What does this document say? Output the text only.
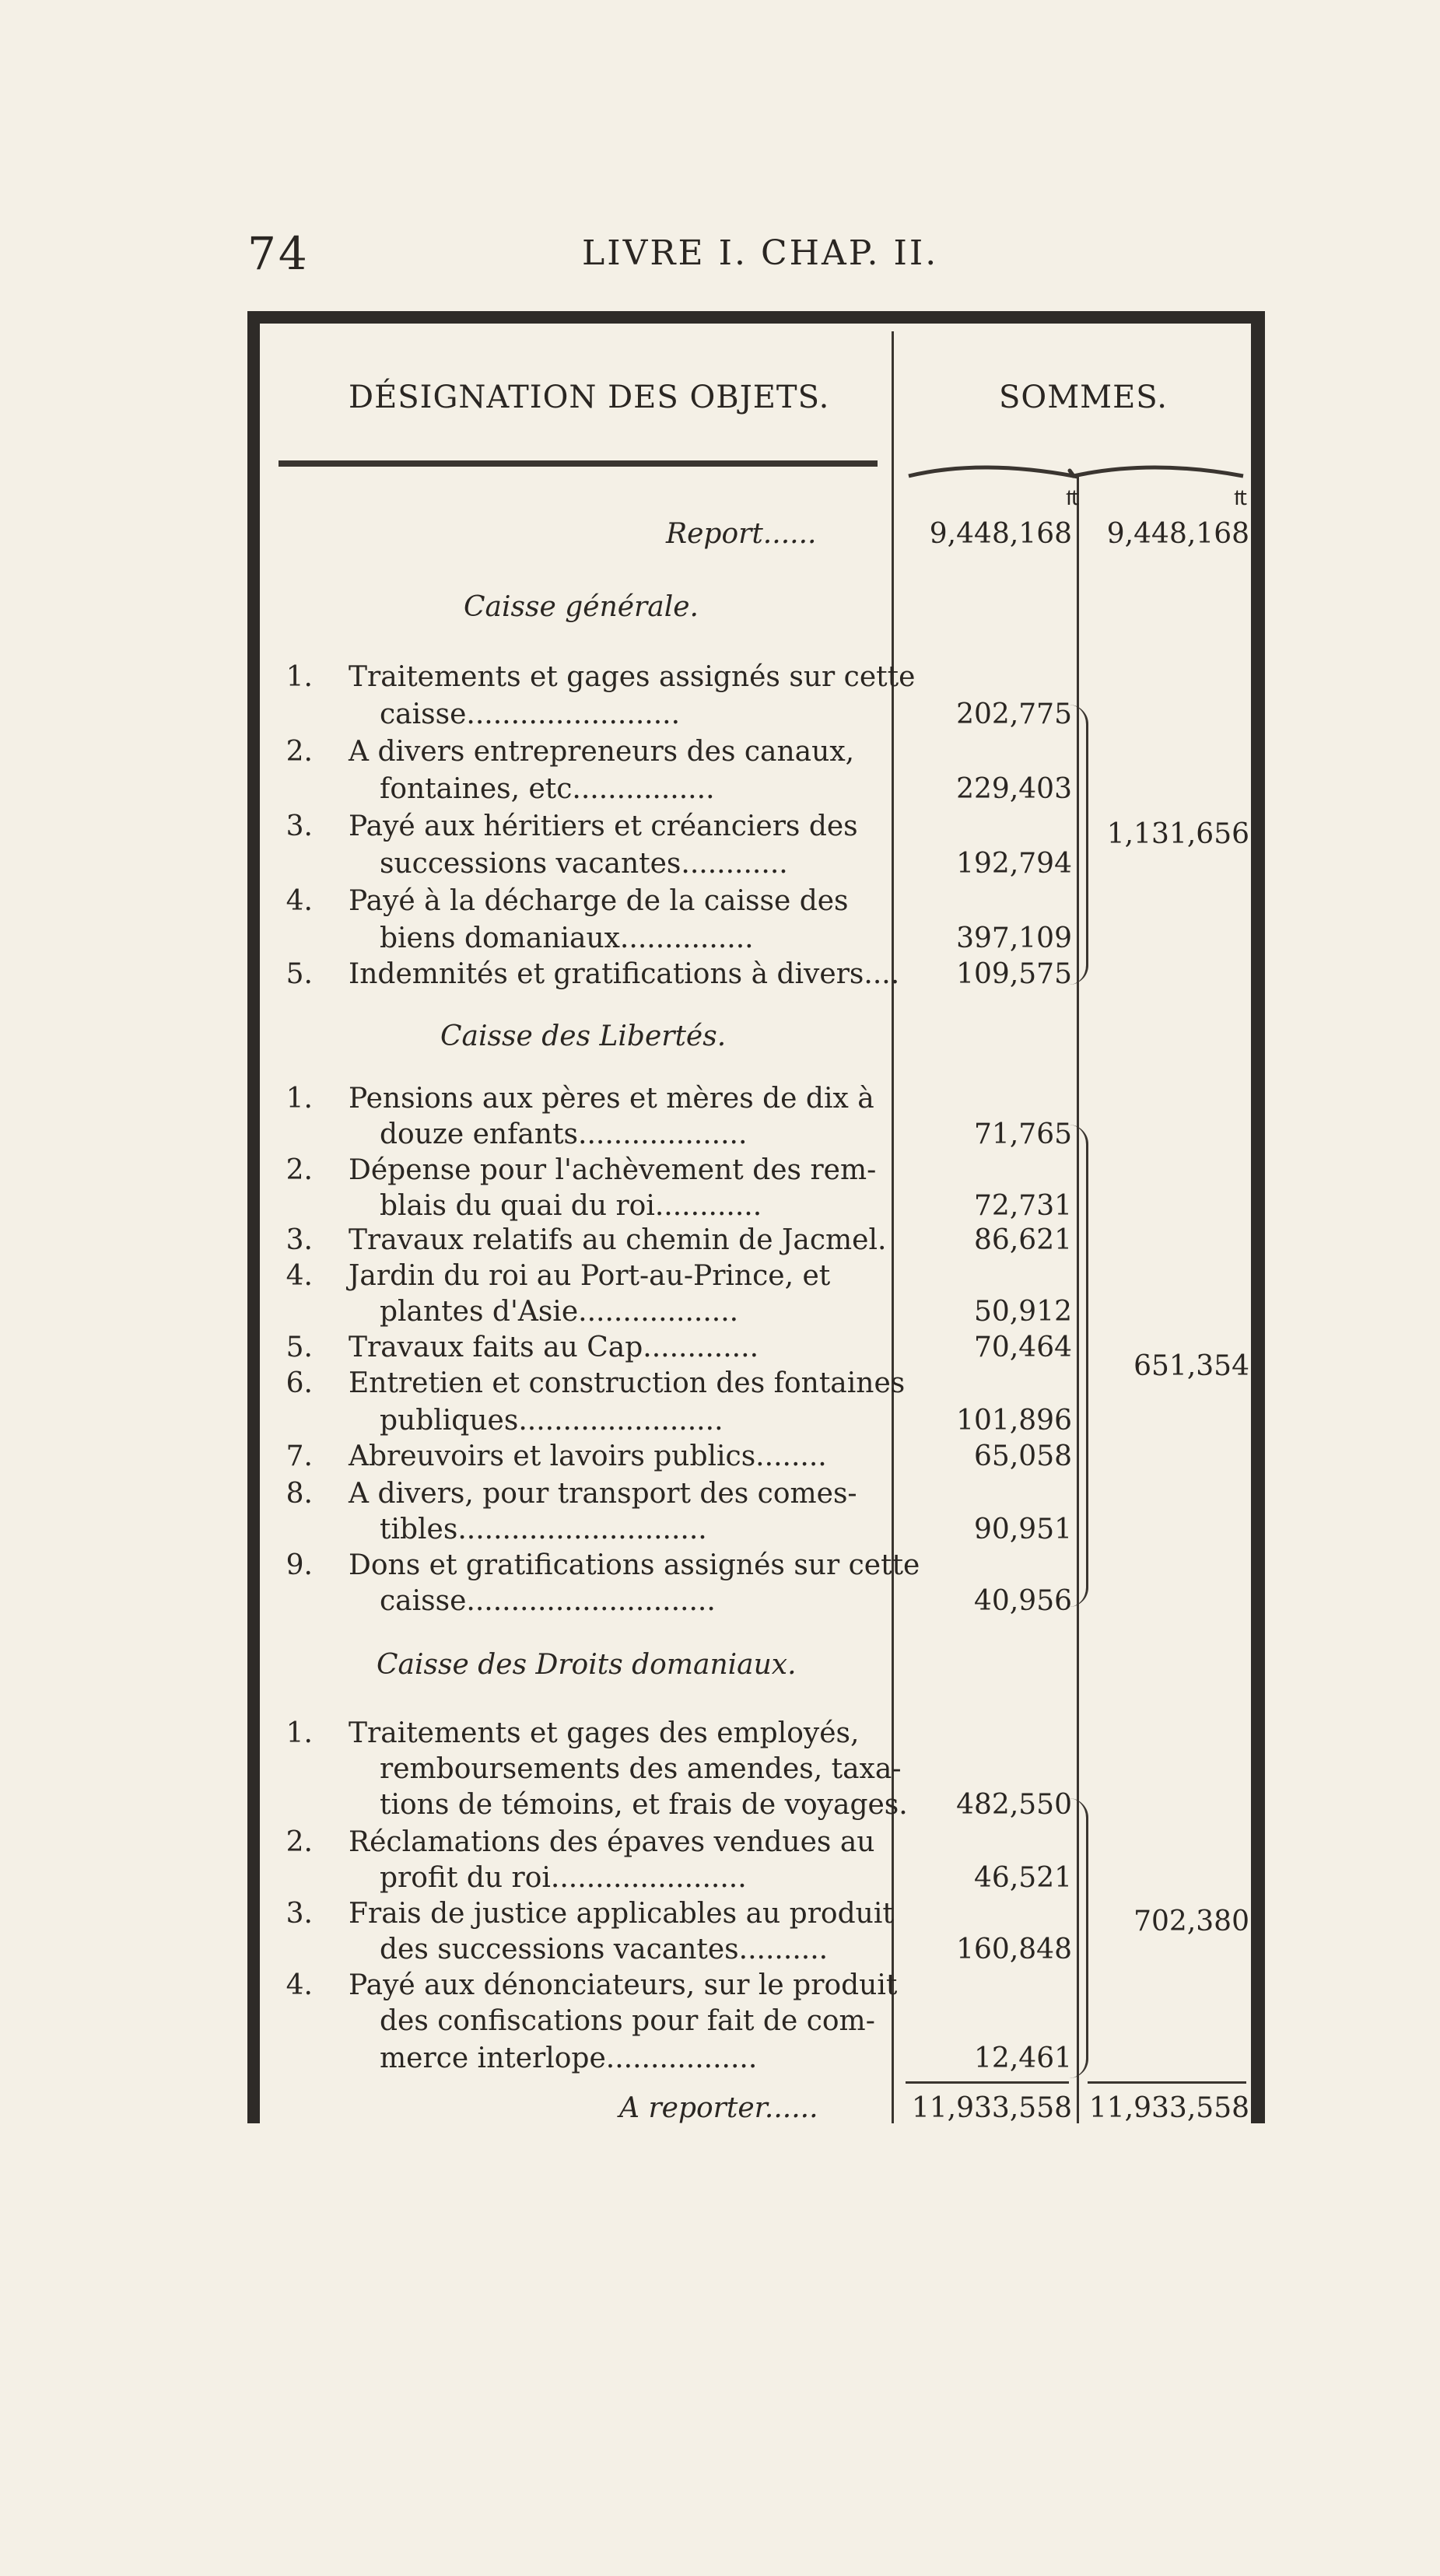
74	LIVRE I. CHAP. II.
DÉSIGNATION DES OBJETS.	SOMMES.
₶	₶
Report......	9,448,168	9,448,168
Caisse générale.
1. Traitements et gages assignés sur cette
caisse........................	202,775
2. A divers entrepreneurs des canaux,
fontaines, etc................	229,403
3. Payé aux héritiers et créanciers des
successions vacantes............	192,794
4. Payé à la décharge de la caisse des
biens domaniaux...............	397,109
5. Indemnités et gratifications à divers....	109,575
1,131,656
Caisse des Libertés.
1. Pensions aux pères et mères de dix à
douze enfants...................	71,765
2. Dépense pour l'achèvement des rem-
blais du quai du roi............	72,731
3. Travaux relatifs au chemin de Jacmel.	86,621
4. Jardin du roi au Port-au-Prince, et
plantes d'Asie..................	50,912
5. Travaux faits au Cap.............	70,464
6. Entretien et construction des fontaines
publiques.......................	101,896
7. Abreuvoirs et lavoirs publics........	65,058
8. A divers, pour transport des comes-
tibles............................	90,951
9. Dons et gratifications assignés sur cette
caisse............................	40,956
651,354
Caisse des Droits domaniaux.
1. Traitements et gages des employés,
remboursements des amendes, taxa-
tions de témoins, et frais de voyages.	482,550
2. Réclamations des épaves vendues au
profit du roi......................	46,521
3. Frais de justice applicables au produit
des successions vacantes..........	160,848
4. Payé aux dénonciateurs, sur le produit
des confiscations pour fait de com-
merce interlope.................	12,461
702,380
A reporter......	11,933,558 11,933,558
